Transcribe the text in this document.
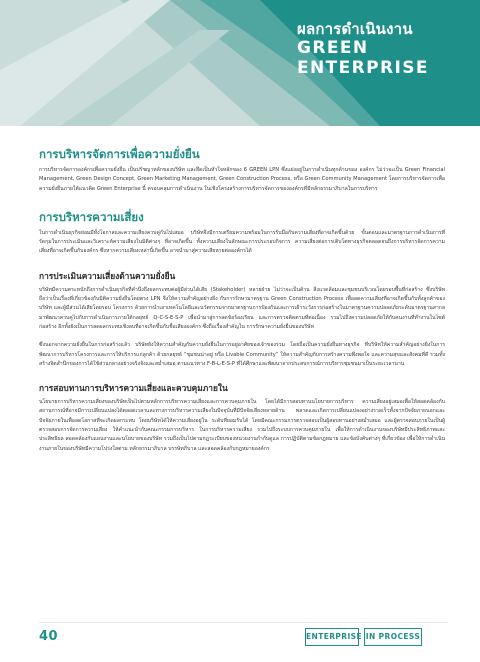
ผลการดำเนินงาน
GREEN
ENTERPRISE
การบริหารจัดการเพื่อความยั่งยืน

การบริหารจัดการองค์กรเพื่อความยั่งยืน เป็นปรัชญาหลักของบริษัท และยึดเป็นหัวใจหลักของ 6 GREEN LPN ซึ่งแฝงอยู่ในการดำเนินทุกด้านของ องค์กร ไม่ว่าจะเป็น Green Financial Management, Green Design Concept, Green Marketing Management, Green Construction Process, หรือ Green Community Management โดยการบริหารจัดการเพื่อความยั่งยืนภายใต้แนวคิด Green Enterprise นี้ ครอบคลุมการดำเนินงาน ในเชิงโครงสร้างการบริหารจัดการขององค์กรที่มีหลักธรรมาภิบาลในการบริหาร

การบริหารความเสี่ยง

ในการดำเนินธุรกิจย่อมมีทั้งโอกาสและความเสี่ยงควบคู่กันไปเสมอ บริษัทจึงมีการเตรียมความพร้อมในการรับมือกับความเสี่ยงที่อาจเกิดขึ้นด้วย ขั้นตอนและมาตรฐานการดำเนินการที่รัดกุมในการประเมินและวิเคราะห์ความเสี่ยงในมิติต่างๆ ที่อาจเกิดขึ้น ทั้งความเสี่ยงในลักษณะการประกอบกิจการ ความเสี่ยงต่อการเติบโตทางธุรกิจตลอดจนถึงการบริหารจัดการความเสี่ยงที่อาจเกิดขึ้นกับองค์กร ซึ่งหากความเสี่ยงเหล่านี้เกิดขึ้น อาจนำมาสู่ความเสียหายต่อองค์กรได้

การประเมินความเสี่ยงด้านความยั่งยืน

บริษัทมีความตระหนักถึงการดำเนินธุรกิจที่คำนึงถึงผลกระทบต่อผู้มีส่วนได้เสีย (Stakeholder) หลายฝ่าย ไม่ว่าจะเป็นด้าน สิ่งแวดล้อมและชุมชนบริเวณโดยรอบพื้นที่ก่อสร้าง ซึ่งบริษัทถือว่าเป็นเรื่องที่เกี่ยวข้องกับมิติความยั่งยืนโดยตรง LPN จึงให้ความสำคัญอย่างยิ่ง กับการรักษามาตรฐาน Green Construction Process เพื่อลดความเสี่ยงที่อาจเกิดขึ้นกับทั้งลูกค้าของบริษัท และผู้มีส่วนได้เสียโดยรอบ โครงการ ด้วยการนำเอาเทคโนโลยีและนวัตกรรมจากมาตรฐานการป้องกันและการเฝ้าระวังการก่อสร้างในมาตรฐานความปลอดภัยระดับมาตรฐานสากล มาพัฒนาควบคู่ไปกับการดำเนินการภายใต้กลยุทธ์ Q-C-S-E-S-P เพื่อนำมาสู่การลดข้อร้องเรียน และการตรวจติดตามที่ต่อเนื่อง รวมไปถึงความปลอดภัยให้กับคนงานที่ทำงานในไซต์ก่อสร้าง อีกทั้งยังเป็นการลดผลกระทบเชิงลบที่อาจเกิดขึ้นกับชื่อเสียงองค์กร ซึ่งถือเรื่องสำคัญใน การรักษาความยั่งยืนของบริษัท

ซึ่งนอกจากความยั่งยืนในการก่อสร้างแล้ว บริษัทยังให้ความสำคัญกับความยั่งยืนในการอยู่อาศัยของเจ้าของร่วม โดยถือเป็นความยั่งยืนทางธุรกิจ ที่บริษัทให้ความสำคัญอย่างยิ่งในการพัฒนาการบริหารโครงการและการให้บริการแก่ลูกค้า ด้วยกลยุทธ์ “ชุมชนน่าอยู่ หรือ Livable Community” ให้ความสำคัญกับการสร้างความพึงพอใจ และความสุขและสังคมที่ดี รวมทั้งสร้างจิตสำนึกของการได้ใช้ส่วนกลางอย่างจริงจังและสม่ำเสมอ ตามแนวทาง F-B-L-E-S-P ที่ได้ศึกษาและพัฒนาจากประสบการณ์การบริหารชุมชนมาเป็นระยะเวลานาน

การสอบทานการบริหารความเสี่ยงและควบคุมภายใน

นโยบายการบริหารความเสี่ยงของบริษัทเป็นไปตามหลักการบริหารความเสี่ยงและการควบคุมภายใน โดยได้มีการสอบทานนโยบายการบริหาร ความเสี่ยงอยู่เสมอเพื่อให้สอดคล้องกับสถานการณ์ที่อาจมีการเปลี่ยนแปลงได้ตลอดเวลาและทางการบริหารความเสี่ยงในปัจจุบันที่มีปัจจัยเสี่ยงหลายด้าน พลาดและเกิดการเปลี่ยนแปลงอย่างรวดเร็วทั้งจากปัจจัยภายนอกและปัจจัยภายในเพื่อลดโอกาสที่จะเกิดผลกระทบ โดยบริษัทได้ให้ความเสี่ยงอยู่ใน ระดับที่ยอมรับได้ โดยมีคณะกรรมการตรวจสอบเป็นผู้สอบทานอย่างสม่ำเสมอ และผู้ตรวจสอบภายในเป็นผู้ตรวจสอบการจัดการความเสี่ยง ให้คำแนะนำกับคณะกรรมการบริหาร ในการบริหารความเสี่ยง รวมไปถึงระบบการควบคุมภายใน เพื่อให้การดำเนินงานของบริษัทมีประสิทธิภาพและประสิทธิผล สอดคล้องกับแผนงานและนโยบายของบริษัท รวมถึงเป็นไปตามกฎระเบียบของหน่วยงานกำกับดูแล การปฏิบัติตามข้อกฎหมาย และข้อบังคับต่างๆ ที่เกี่ยวข้อง เพื่อให้การดำเนินงานภายในของบริษัทมีความโปร่งใสตาม หลักธรรมาภิบาล บรรษัทภิบาล และสอดคล้องกับกฎหมายองค์กร

40	ENTERPRISE IN PROCESS
